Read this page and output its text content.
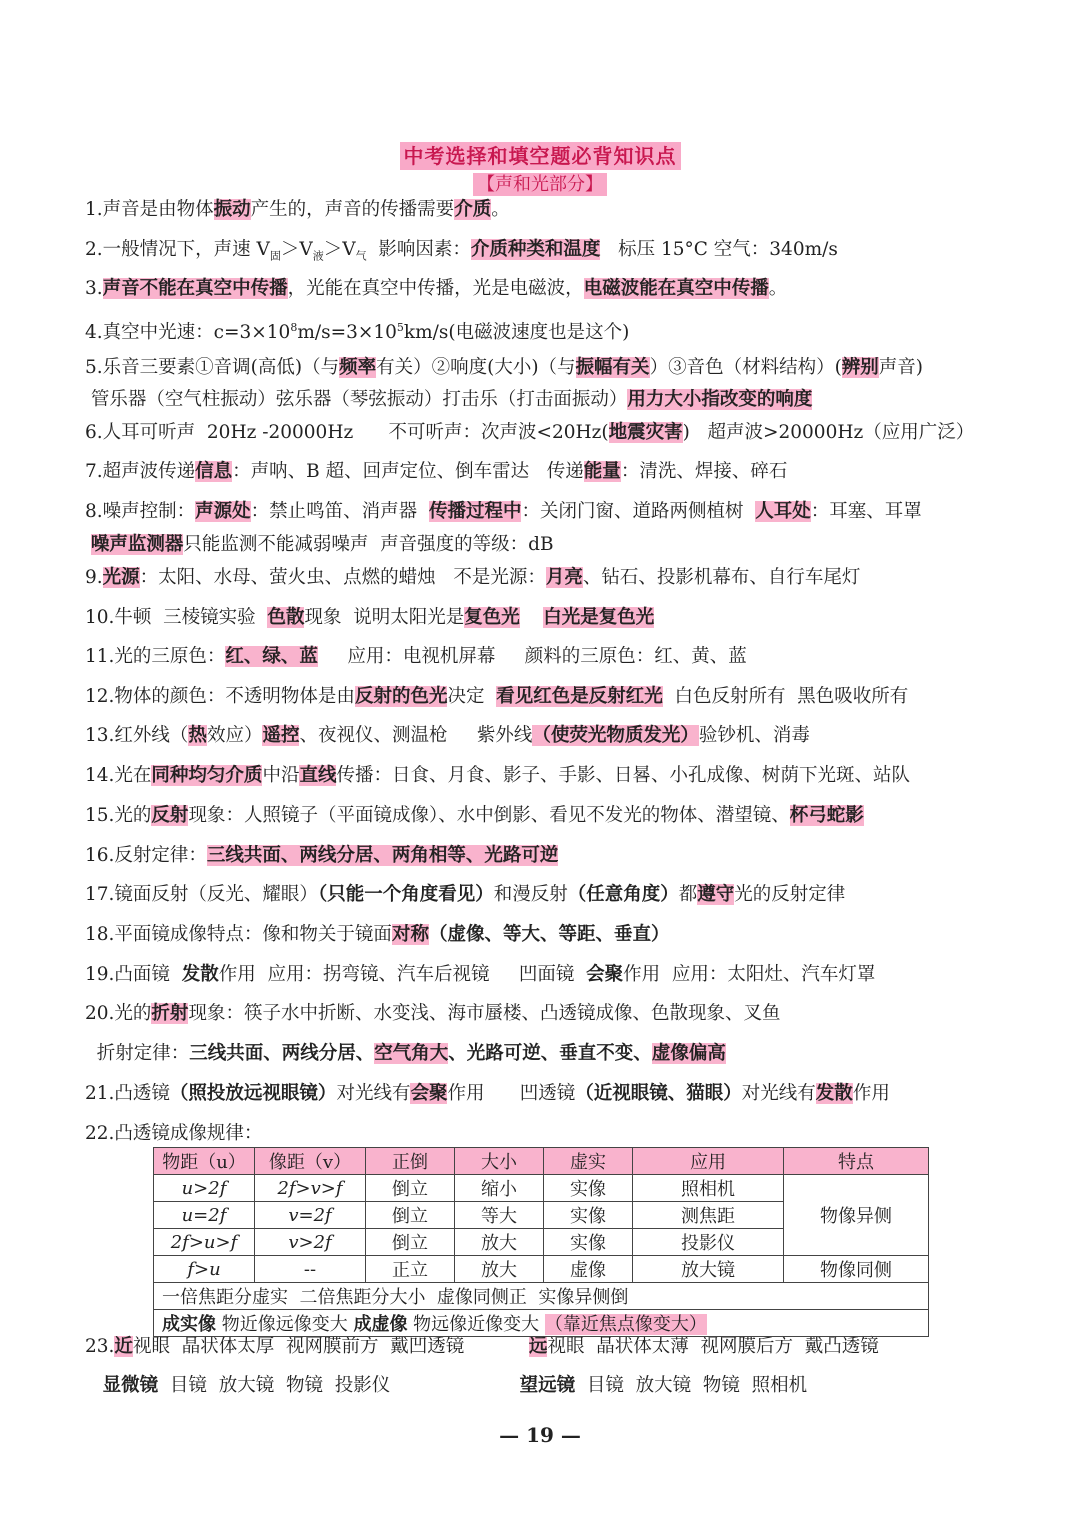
中考选择和填空题必背知识点
【声和光部分】
1.声音是由物体振动产生的，声音的传播需要介质。
2.一般情况下，声速 $V_固>V_液>V_气$  影响因素：介质种类和温度   标压 15°C 空气：340m/s
3.声音不能在真空中传播，光能在真空中传播，光是电磁波，电磁波能在真空中传播。
4.真空中光速：$c=3\times 10^8m/s=3\times 10^5km/s$(电磁波速度也是这个)
5.乐音三要素①音调(高低)（与频率有关）②响度(大小)（与振幅有关）③音色（材料结构）(辨别声音)
管乐器（空气柱振动）弦乐器（琴弦振动）打击乐（打击面振动）用力大小指改变的响度
6.人耳可听声  20Hz -20000Hz      不可听声：次声波<20Hz(地震灾害)   超声波>20000Hz（应用广泛）
7.超声波传递信息：声呐、B 超、回声定位、倒车雷达   传递能量：清洗、焊接、碎石
8.噪声控制：声源处：禁止鸣笛、消声器  传播过程中：关闭门窗、道路两侧植树  人耳处：耳塞、耳罩
噪声监测器只能监测不能减弱噪声  声音强度的等级：dB
9.光源：太阳、水母、萤火虫、点燃的蜡烛   不是光源：月亮、钻石、投影机幕布、自行车尾灯
10.牛顿  三棱镜实验  色散现象  说明太阳光是复色光 白光是复色光
11.光的三原色：红、绿、蓝     应用：电视机屏幕     颜料的三原色：红、黄、蓝
12.物体的颜色：不透明物体是由反射的色光决定  看见红色是反射红光  白色反射所有  黑色吸收所有
13.红外线（热效应）遥控、夜视仪、测温枪     紫外线（使荧光物质发光）验钞机、消毒
14.光在同种均匀介质中沿直线传播：日食、月食、影子、手影、日晷、小孔成像、树荫下光斑、站队
15.光的反射现象：人照镜子（平面镜成像）、水中倒影、看见不发光的物体、潜望镜、杯弓蛇影
16.反射定律：三线共面、两线分居、两角相等、光路可逆
17.镜面反射（反光、耀眼）（只能一个角度看见）和漫反射（任意角度）都遵守光的反射定律
18.平面镜成像特点：像和物关于镜面对称（虚像、等大、等距、垂直）
19.凸面镜  发散作用  应用：拐弯镜、汽车后视镜     凹面镜  会聚作用  应用：太阳灶、汽车灯罩
20.光的折射现象：筷子水中折断、水变浅、海市蜃楼、凸透镜成像、色散现象、叉鱼
折射定律：三线共面、两线分居、空气角大、光路可逆、垂直不变、虚像偏高
21.凸透镜（照投放远视眼镜）对光线有会聚作用      凹透镜（近视眼镜、猫眼）对光线有发散作用
22.凸透镜成像规律：
23.近视眼  晶状体太厚  视网膜前方  戴凹透镜           远视眼  晶状体太薄  视网膜后方  戴凸透镜
显微镜  目镜  放大镜  物镜  投影仪                      望远镜  目镜  放大镜  物镜  照相机
物距（u）	像距（v）	正倒	大小	虚实	应用	特点
u>2f	2f>v>f	倒立	缩小	实像	照相机	物像异侧
u=2f	v=2f	倒立	等大	实像	测焦距	
2f>u>f	v>2f	倒立	放大	实像	投影仪	
f>u	--	正立	放大	虚像	放大镜	物像同侧
一倍焦距分虚实  二倍焦距分大小  虚像同侧正  实像异侧倒						
成实像 物近像远像变大 成虚像 物远像近像变大 （靠近焦点像变大）						
— 19 —
